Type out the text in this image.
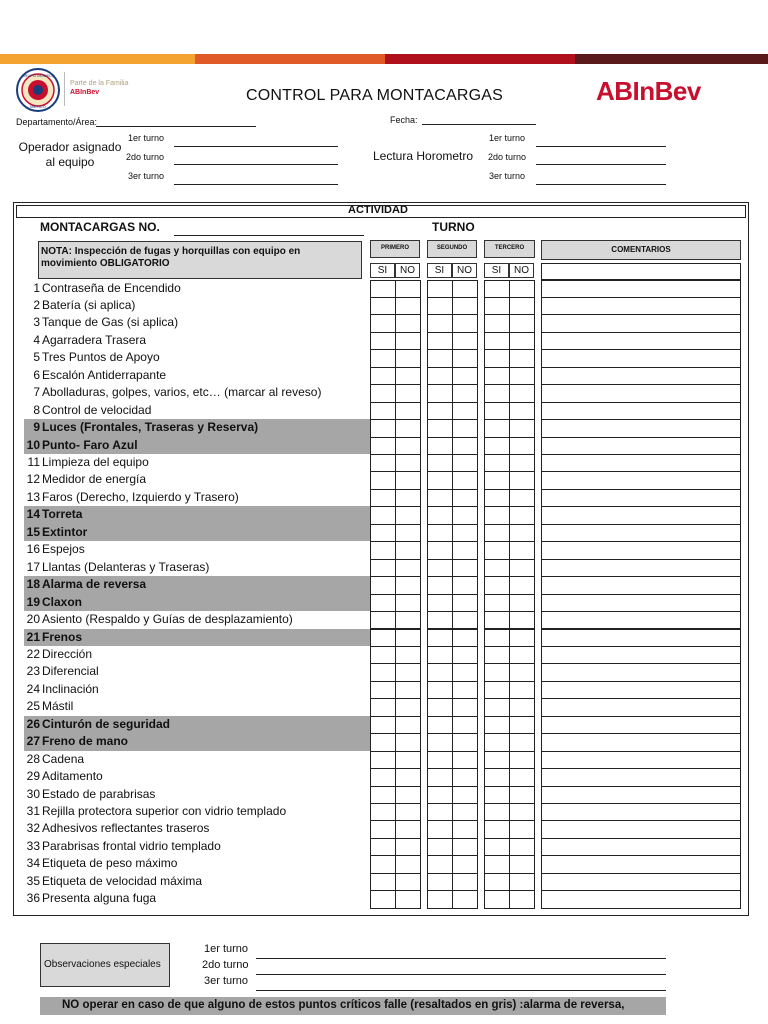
GRUPO MODELO
MÉXICO
Parte de la Familia
ABInBev	CONTROL PARA MONTACARGAS	ABInBev
Departamento/Área:	Fecha:
Operador asignado
al equipo
1er turno
2do turno
3er turno
Lectura Horometro
1er turno
2do turno
3er turno
ACTIVIDAD
MONTACARGAS NO.	TURNO
NOTA: Inspección de fugas y horquillas con equipo en movimiento OBLIGATORIO
PRIMERO	SEGUNDO	TERCERO	COMENTARIOS
SI	NO	SI	NO	SI	NO
1 Contraseña de Encendido
2 Batería (si aplica)
3 Tanque de Gas (si aplica)
4 Agarradera Trasera
5 Tres Puntos de Apoyo
6 Escalón Antiderrapante
7 Abolladuras, golpes, varios, etc… (marcar al reveso)
8 Control de velocidad
9 Luces (Frontales, Traseras y Reserva)
10 Punto- Faro Azul
11 Limpieza del equipo
12 Medidor de energía
13 Faros (Derecho, Izquierdo y Trasero)
14 Torreta
15 Extintor
16 Espejos
17 Llantas (Delanteras y Traseras)
18 Alarma de reversa
19 Claxon
20 Asiento (Respaldo y Guías de desplazamiento)
21 Frenos
22 Dirección
23 Diferencial
24 Inclinación
25 Mástil
26 Cinturón de seguridad
27 Freno de mano
28 Cadena
29 Aditamento
30 Estado de parabrisas
31 Rejilla protectora superior con vidrio templado
32 Adhesivos reflectantes traseros
33 Parabrisas frontal vidrio templado
34 Etiqueta de peso máximo
35 Etiqueta de velocidad máxima
36 Presenta alguna fuga
Observaciones especiales
1er turno
2do turno
3er turno
NO operar en caso de que alguno de estos puntos críticos falle (resaltados en gris) :alarma de reversa,
